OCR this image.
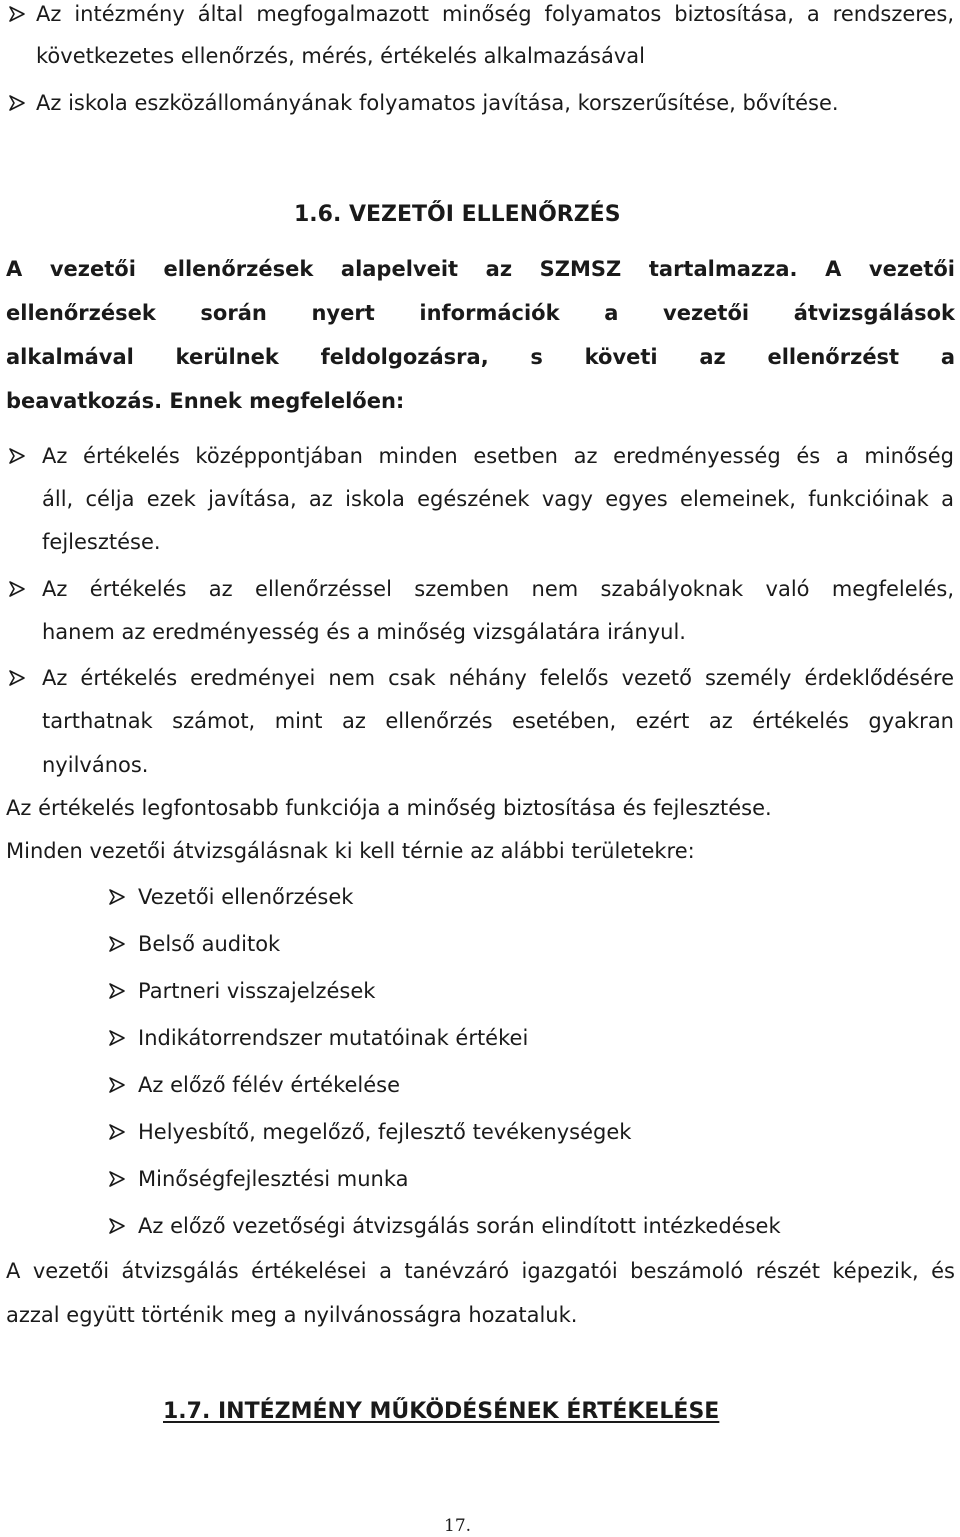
Az intézmény által megfogalmazott minőség folyamatos biztosítása, a rendszeres,
következetes ellenőrzés, mérés, értékelés alkalmazásával
Az iskola eszközállományának folyamatos javítása, korszerűsítése, bővítése.
1.6. VEZETŐI ELLENŐRZÉS
A vezetői ellenőrzések alapelveit az SZMSZ tartalmazza. A vezetői
ellenőrzések során nyert információk a vezetői átvizsgálások
alkalmával kerülnek feldolgozásra, s követi az ellenőrzést a
beavatkozás. Ennek megfelelően:
Az értékelés középpontjában minden esetben az eredményesség és a minőség
áll, célja ezek javítása, az iskola egészének vagy egyes elemeinek, funkcióinak a
fejlesztése.
Az értékelés az ellenőrzéssel szemben nem szabályoknak való megfelelés,
hanem az eredményesség és a minőség vizsgálatára irányul.
Az értékelés eredményei nem csak néhány felelős vezető személy érdeklődésére
tarthatnak számot, mint az ellenőrzés esetében, ezért az értékelés gyakran
nyilvános.
Az értékelés legfontosabb funkciója a minőség biztosítása és fejlesztése.
Minden vezetői átvizsgálásnak ki kell térnie az alábbi területekre:
Vezetői ellenőrzések
Belső auditok
Partneri visszajelzések
Indikátorrendszer mutatóinak értékei
Az előző félév értékelése
Helyesbítő, megelőző, fejlesztő tevékenységek
Minőségfejlesztési munka
Az előző vezetőségi átvizsgálás során elindított intézkedések
A vezetői átvizsgálás értékelései a tanévzáró igazgatói beszámoló részét képezik, és
azzal együtt történik meg a nyilvánosságra hozataluk.
1.7. INTÉZMÉNY MŰKÖDÉSÉNEK ÉRTÉKELÉSE
17.
